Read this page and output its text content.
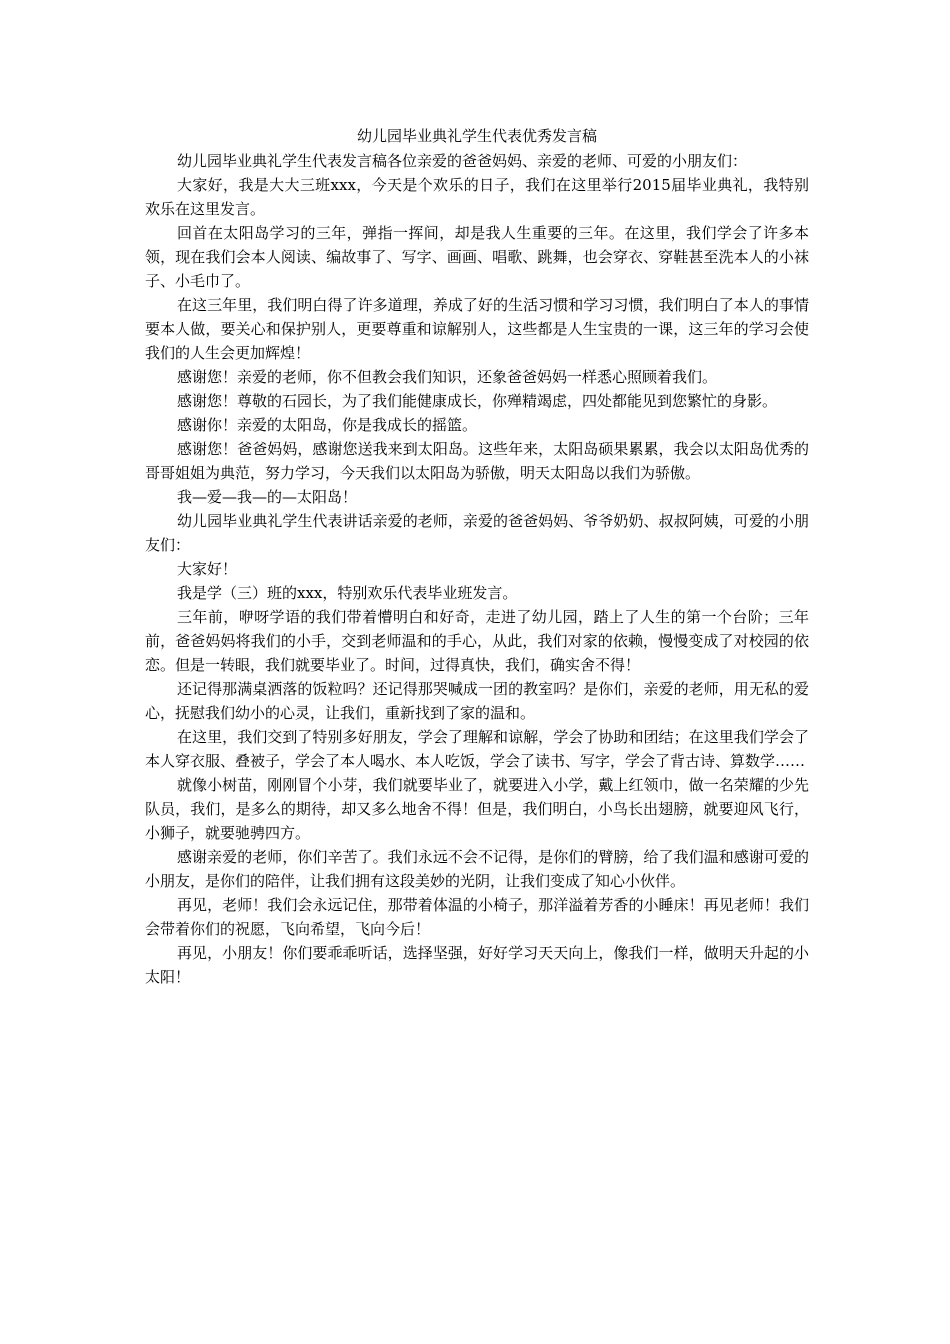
幼儿园毕业典礼学生代表优秀发言稿

幼儿园毕业典礼学生代表发言稿各位亲爱的爸爸妈妈、亲爱的老师、可爱的小朋友们：

大家好，我是大大三班xxx，今天是个欢乐的日子，我们在这里举行2015届毕业典礼，我特别欢乐在这里发言。

回首在太阳岛学习的三年，弹指一挥间，却是我人生重要的三年。在这里，我们学会了许多本领，现在我们会本人阅读、编故事了、写字、画画、唱歌、跳舞，也会穿衣、穿鞋甚至洗本人的小袜子、小毛巾了。

在这三年里，我们明白得了许多道理，养成了好的生活习惯和学习习惯，我们明白了本人的事情要本人做，要关心和保护别人，更要尊重和谅解别人，这些都是人生宝贵的一课，这三年的学习会使我们的人生会更加辉煌！

感谢您！亲爱的老师，你不但教会我们知识，还象爸爸妈妈一样悉心照顾着我们。

感谢您！尊敬的石园长，为了我们能健康成长，你殚精竭虑，四处都能见到您繁忙的身影。

感谢你！亲爱的太阳岛，你是我成长的摇篮。

感谢您！爸爸妈妈，感谢您送我来到太阳岛。这些年来，太阳岛硕果累累，我会以太阳岛优秀的哥哥姐姐为典范，努力学习，今天我们以太阳岛为骄傲，明天太阳岛以我们为骄傲。

我—爱—我—的—太阳岛！

幼儿园毕业典礼学生代表讲话亲爱的老师，亲爱的爸爸妈妈、爷爷奶奶、叔叔阿姨，可爱的小朋友们：

大家好！

我是学（三）班的xxx，特别欢乐代表毕业班发言。

三年前，咿呀学语的我们带着懵明白和好奇，走进了幼儿园，踏上了人生的第一个台阶；三年前，爸爸妈妈将我们的小手，交到老师温和的手心，从此，我们对家的依赖，慢慢变成了对校园的依恋。但是一转眼，我们就要毕业了。时间，过得真快，我们，确实舍不得！

还记得那满桌洒落的饭粒吗？还记得那哭喊成一团的教室吗？是你们，亲爱的老师，用无私的爱心，抚慰我们幼小的心灵，让我们，重新找到了家的温和。

在这里，我们交到了特别多好朋友，学会了理解和谅解，学会了协助和团结；在这里我们学会了本人穿衣服、叠被子，学会了本人喝水、本人吃饭，学会了读书、写字，学会了背古诗、算数学……

就像小树苗，刚刚冒个小芽，我们就要毕业了，就要进入小学，戴上红领巾，做一名荣耀的少先队员，我们，是多么的期待，却又多么地舍不得！但是，我们明白，小鸟长出翅膀，就要迎风飞行，小狮子，就要驰骋四方。

感谢亲爱的老师，你们辛苦了。我们永远不会不记得，是你们的臂膀，给了我们温和感谢可爱的小朋友，是你们的陪伴，让我们拥有这段美妙的光阴，让我们变成了知心小伙伴。

再见，老师！我们会永远记住，那带着体温的小椅子，那洋溢着芳香的小睡床！再见老师！我们会带着你们的祝愿，飞向希望，飞向今后！

再见，小朋友！你们要乖乖听话，选择坚强，好好学习天天向上，像我们一样，做明天升起的小太阳！
